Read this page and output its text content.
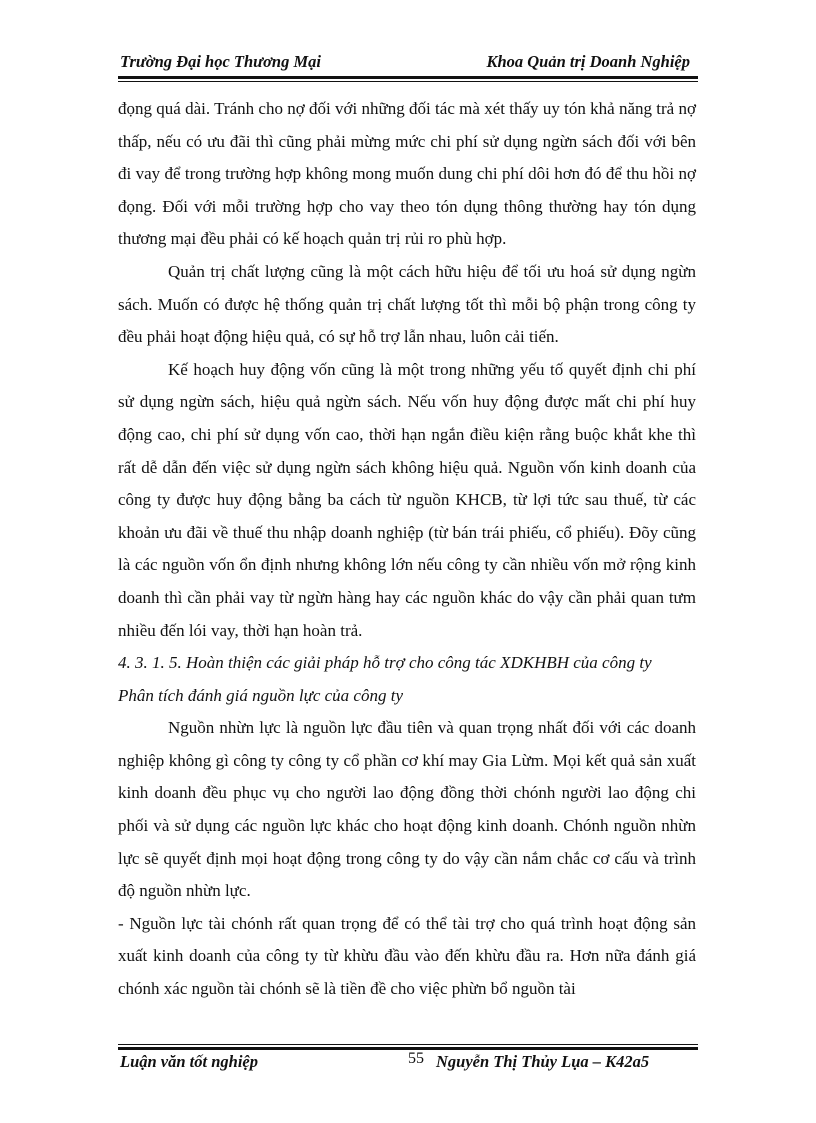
Trường Đại học Thương Mại	Khoa Quản trị Doanh Nghiệp

đọng quá dài. Tránh cho nợ đối với những đối tác mà xét thấy uy tón khả năng trả nợ thấp, nếu có ưu đãi thì cũng phải mừng mức chi phí sử dụng ngừn sách đối với bên đi vay để trong trường hợp không mong muốn dung chi phí dôi hơn đó để thu hồi nợ đọng. Đối với mỗi trường hợp cho vay theo tón dụng thông thường hay tón dụng thương mại đều phải có kế hoạch quản trị rủi ro phù hợp.

Quản trị chất lượng cũng là một cách hữu hiệu để tối ưu hoá sử dụng ngừn sách. Muốn có được hệ thống quản trị chất lượng tốt thì mỗi bộ phận trong công ty đều phải hoạt động hiệu quả, có sự hỗ trợ lẫn nhau, luôn cải tiến.

Kế hoạch huy động vốn cũng là một trong những yếu tố quyết định chi phí sử dụng ngừn sách, hiệu quả ngừn sách. Nếu vốn huy động được mất chi phí huy động cao, chi phí sử dụng vốn cao, thời hạn ngắn điều kiện rằng buộc khắt khe thì rất dễ dẫn đến việc sử dụng ngừn sách không hiệu quả. Nguồn vốn kinh doanh của công ty được huy động bằng ba cách từ nguồn KHCB, từ lợi tức sau thuế, từ các khoản ưu đãi về thuế thu nhập doanh nghiệp (từ bán trái phiếu, cổ phiếu). Đõy cũng là các nguồn vốn ổn định nhưng không lớn nếu công ty cần nhiều vốn mở rộng kinh doanh thì cần phải vay từ ngừn hàng hay các nguồn khác do vậy cần phải quan tưm nhiều đến lói vay, thời hạn hoàn trả.

4. 3. 1. 5. Hoàn thiện các giải pháp hỗ trợ cho công tác XDKHBH của công ty

Phân tích đánh giá nguồn lực của công ty

Nguồn nhừn lực là nguồn lực đầu tiên và quan trọng nhất đối với các doanh nghiệp không gì công ty công ty cổ phần cơ khí may Gia Lừm. Mọi kết quả sản xuất kinh doanh đều phục vụ cho người lao động đồng thời chónh người lao động chi phối và sử dụng các nguồn lực khác cho hoạt động kinh doanh. Chónh nguồn nhừn lực sẽ quyết định mọi hoạt động trong công ty do vậy cần nắm chắc cơ cấu và trình độ nguồn nhừn lực.

- Nguồn lực tài chónh rất quan trọng để có thể tài trợ cho quá trình hoạt động sản xuất kinh doanh của công ty từ khừu đầu vào đến khừu đầu ra. Hơn nữa đánh giá chónh xác nguồn tài chónh sẽ là tiền đề cho việc phừn bổ nguồn tài

Luận văn tốt nghiệp	55 Nguyễn Thị Thủy Lụa – K42a5
